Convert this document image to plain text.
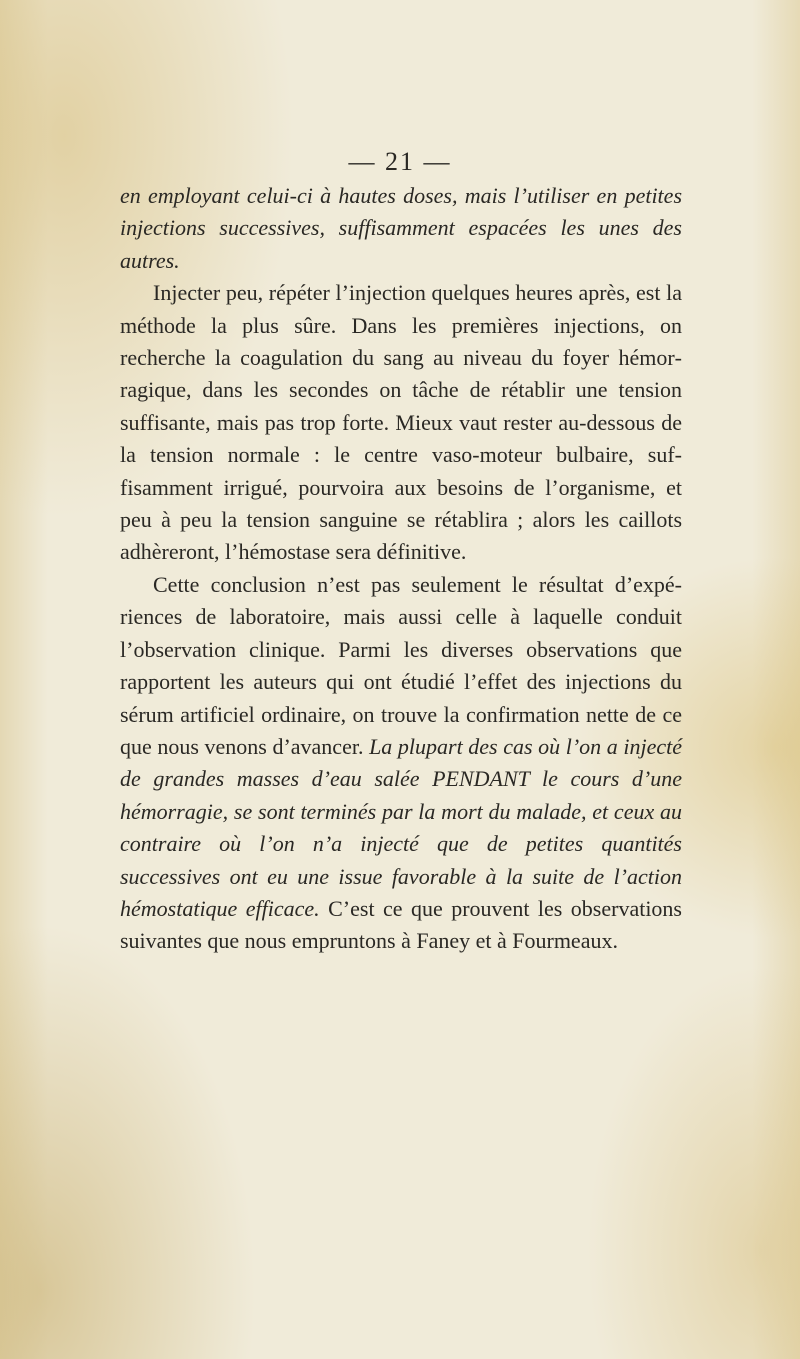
— 21 —

en employant celui-ci à hautes doses, mais l’utiliser en petites injections successives, suffisamment espacées les unes des autres.

Injecter peu, répéter l’injection quelques heures après, est la méthode la plus sûre. Dans les premières injections, on recherche la coagulation du sang au niveau du foyer hémorragique, dans les secondes on tâche de rétablir une tension suffisante, mais pas trop forte. Mieux vaut rester au-dessous de la tension normale : le centre vaso-moteur bulbaire, suffisamment irrigué, pourvoira aux besoins de l’organisme, et peu à peu la tension sanguine se rétablira ; alors les caillots adhèreront, l’hémostase sera définitive.

Cette conclusion n’est pas seulement le résultat d’expériences de laboratoire, mais aussi celle à laquelle conduit l’observation clinique. Parmi les diverses observations que rapportent les auteurs qui ont étudié l’effet des injections du sérum artificiel ordinaire, on trouve la confirmation nette de ce que nous venons d’avancer. La plupart des cas où l’on a injecté de grandes masses d’eau salée PENDANT le cours d’une hémorragie, se sont terminés par la mort du malade, et ceux au contraire où l’on n’a injecté que de petites quantités successives ont eu une issue favorable à la suite de l’action hémostatique efficace. C’est ce que prouvent les observations suivantes que nous empruntons à Faney et à Fourmeaux.
